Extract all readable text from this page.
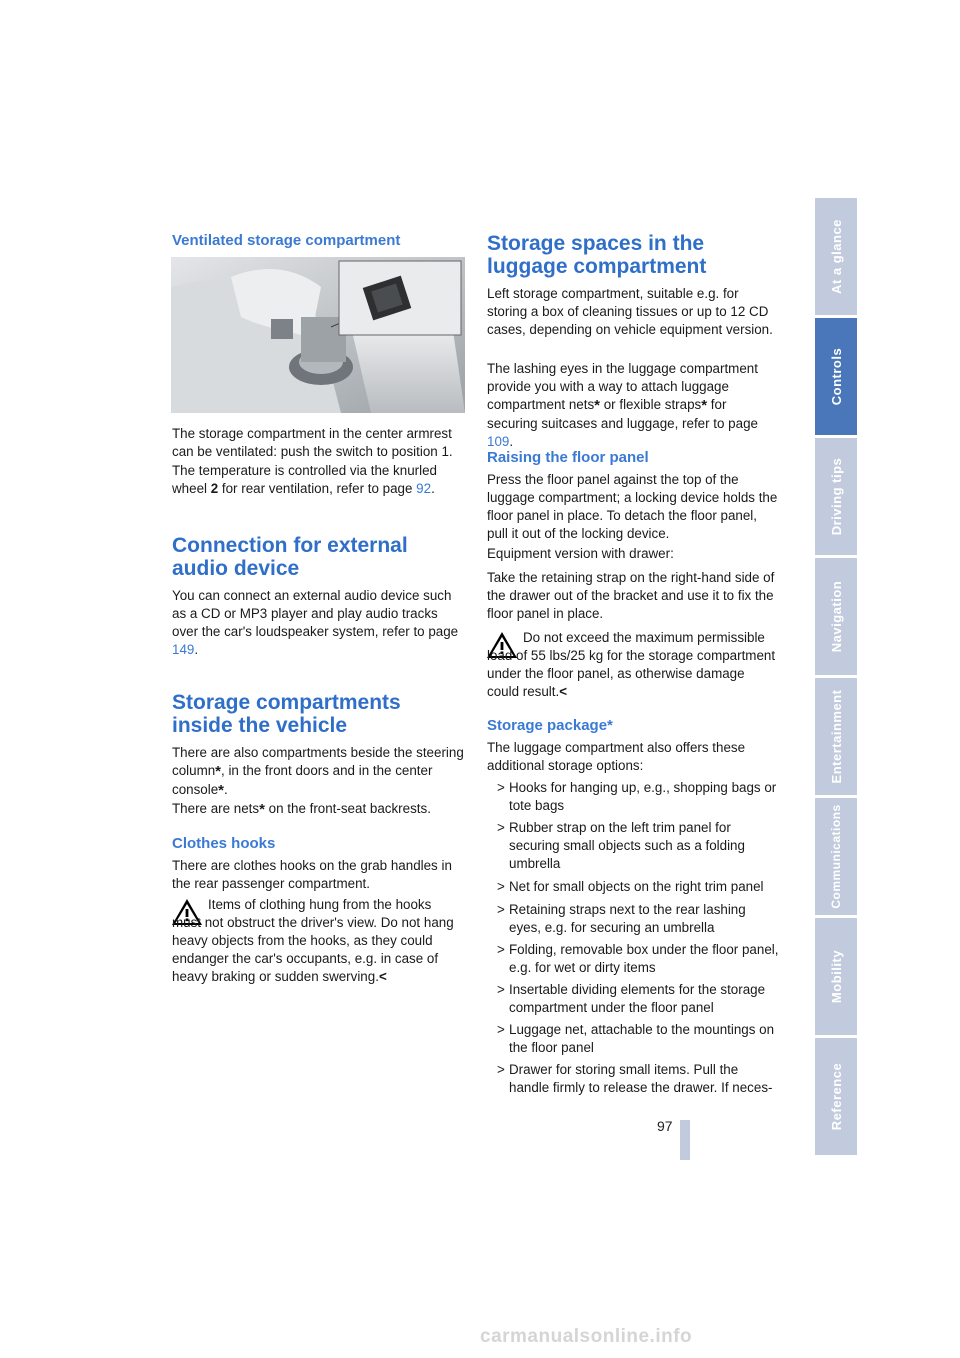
Ventilated storage compartment

The storage compartment in the center armrest can be ventilated: push the switch to position 1.

The temperature is controlled via the knurled wheel 2 for rear ventilation, refer to page 92.

Connection for external audio device

You can connect an external audio device such as a CD or MP3 player and play audio tracks over the car's loudspeaker system, refer to page 149.

Storage compartments inside the vehicle

There are also compartments beside the steering column*, in the front doors and in the center console*.
There are nets* on the front-seat backrests.

Clothes hooks

There are clothes hooks on the grab handles in the rear passenger compartment.

Items of clothing hung from the hooks must not obstruct the driver's view. Do not hang heavy objects from the hooks, as they could endanger the car's occupants, e.g. in case of heavy braking or sudden swerving.<

Storage spaces in the luggage compartment

Left storage compartment, suitable e.g. for storing a box of cleaning tissues or up to 12 CD cases, depending on vehicle equipment version.

The lashing eyes in the luggage compartment provide you with a way to attach luggage compartment nets* or flexible straps* for securing suitcases and luggage, refer to page 109.

Raising the floor panel

Press the floor panel against the top of the luggage compartment; a locking device holds the floor panel in place. To detach the floor panel, pull it out of the locking device.

Equipment version with drawer:

Take the retaining strap on the right-hand side of the drawer out of the bracket and use it to fix the floor panel in place.

Do not exceed the maximum permissible load of 55 lbs/25 kg for the storage compartment under the floor panel, as otherwise damage could result.<

Storage package*

The luggage compartment also offers these additional storage options:

> Hooks for hanging up, e.g., shopping bags or tote bags
> Rubber strap on the left trim panel for securing small objects such as a folding umbrella
> Net for small objects on the right trim panel
> Retaining straps next to the rear lashing eyes, e.g. for securing an umbrella
> Folding, removable box under the floor panel, e.g. for wet or dirty items
> Insertable dividing elements for the storage compartment under the floor panel
> Luggage net, attachable to the mountings on the floor panel
> Drawer for storing small items. Pull the handle firmly to release the drawer. If neces-
At a glance
Controls
Driving tips
Navigation
Entertainment
Communications
Mobility
Reference
97
carmanualsonline.info
